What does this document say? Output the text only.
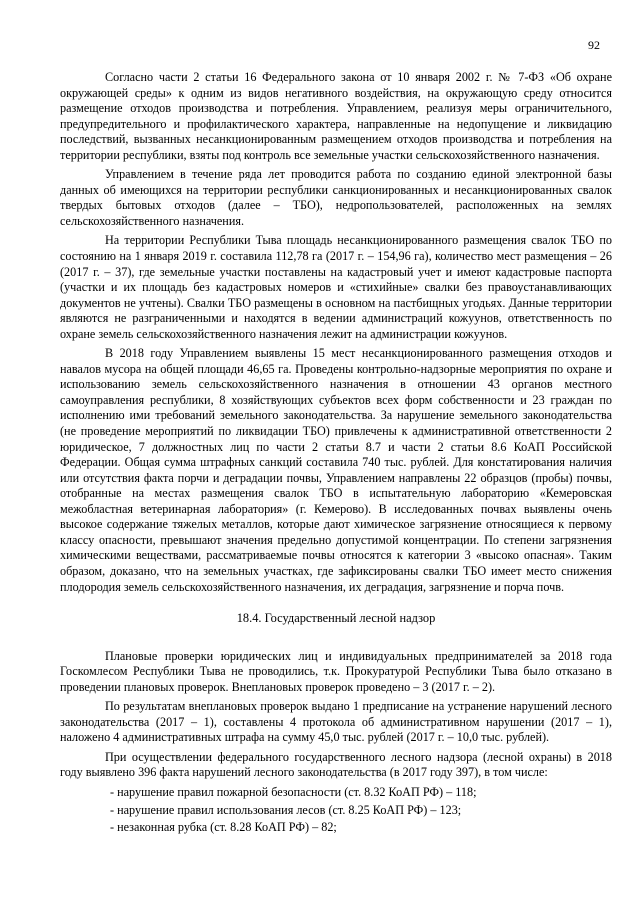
92

Согласно части 2 статьи 16 Федерального закона от 10 января 2002 г. № 7-ФЗ «Об охране окружающей среды» к одним из видов негативного воздействия, на окружающую среду относится размещение отходов производства и потребления. Управлением, реализуя меры ограничительного, предупредительного и профилактического характера, направленные на недопущение и ликвидацию последствий, вызванных несанкционированным размещением отходов производства и потребления на территории республики, взяты под контроль все земельные участки сельскохозяйственного назначения.

Управлением в течение ряда лет проводится работа по созданию единой электронной базы данных об имеющихся на территории республики санкционированных и несанкционированных свалок твердых бытовых отходов (далее – ТБО), недропользователей, расположенных на землях сельскохозяйственного назначения.

На территории Республики Тыва площадь несанкционированного размещения свалок ТБО по состоянию на 1 января 2019 г. составила 112,78 га (2017 г. – 154,96 га), количество мест размещения – 26 (2017 г. – 37), где земельные участки поставлены на кадастровый учет и имеют кадастровые паспорта (участки и их площадь без кадастровых номеров и «стихийные» свалки без правоустанавливающих документов не учтены). Свалки ТБО размещены в основном на пастбищных угодьях. Данные территории являются не разграниченными и находятся в ведении администраций кожуунов, ответственность по охране земель сельскохозяйственного назначения лежит на администрации кожуунов.

В 2018 году Управлением выявлены 15 мест несанкционированного размещения отходов и навалов мусора на общей площади 46,65 га. Проведены контрольно-надзорные мероприятия по охране и использованию земель сельскохозяйственного назначения в отношении 43 органов местного самоуправления республики, 8 хозяйствующих субъектов всех форм собственности и 23 граждан по исполнению ими требований земельного законодательства. За нарушение земельного законодательства (не проведение мероприятий по ликвидации ТБО) привлечены к административной ответственности 2 юридическое, 7 должностных лиц по части 2 статьи 8.7 и части 2 статьи 8.6 КоАП Российской Федерации. Общая сумма штрафных санкций составила 740 тыс. рублей. Для констатирования наличия или отсутствия факта порчи и деградации почвы, Управлением направлены 22 образцов (пробы) почвы, отобранные на местах размещения свалок ТБО в испытательную лабораторию «Кемеровская межобластная ветеринарная лаборатория» (г. Кемерово). В исследованных почвах выявлены очень высокое содержание тяжелых металлов, которые дают химическое загрязнение относящиеся к первому классу опасности, превышают значения предельно допустимой концентрации. По степени загрязнения химическими веществами, рассматриваемые почвы относятся к категории 3 «высоко опасная». Таким образом, доказано, что на земельных участках, где зафиксированы свалки ТБО имеет место снижения плодородия земель сельскохозяйственного назначения, их деградация, загрязнение и порча почв.

18.4. Государственный лесной надзор

Плановые проверки юридических лиц и индивидуальных предпринимателей за 2018 года Госкомлесом Республики Тыва не проводились, т.к. Прокуратурой Республики Тыва было отказано в проведении плановых проверок. Внеплановых проверок проведено – 3 (2017 г. – 2).

По результатам внеплановых проверок выдано 1 предписание на устранение нарушений лесного законодательства (2017 – 1), составлены 4 протокола об административном нарушении (2017 – 1), наложено 4 административных штрафа на сумму 45,0 тыс. рублей (2017 г. – 10,0 тыс. рублей).

При осуществлении федерального государственного лесного надзора (лесной охраны) в 2018 году выявлено 396 факта нарушений лесного законодательства (в 2017 году 397), в том числе:

- нарушение правил пожарной безопасности (ст. 8.32 КоАП РФ) – 118;
- нарушение правил использования лесов (ст. 8.25 КоАП РФ) – 123;
- незаконная рубка (ст. 8.28 КоАП РФ) – 82;
